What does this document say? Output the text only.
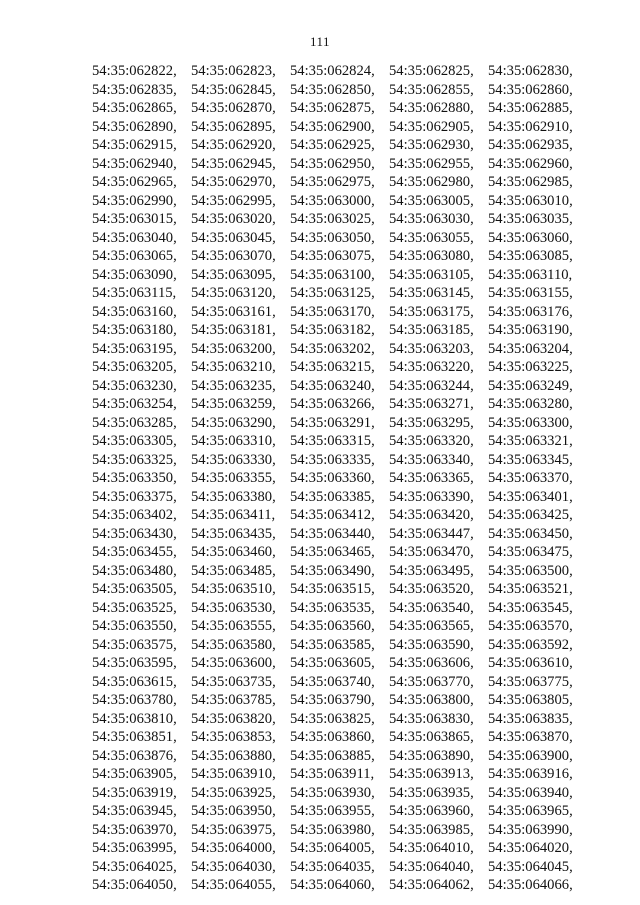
111
54:35:062822, 54:35:062823, 54:35:062824, 54:35:062825, 54:35:062830,
54:35:062835, 54:35:062845, 54:35:062850, 54:35:062855, 54:35:062860,
54:35:062865, 54:35:062870, 54:35:062875, 54:35:062880, 54:35:062885,
54:35:062890, 54:35:062895, 54:35:062900, 54:35:062905, 54:35:062910,
54:35:062915, 54:35:062920, 54:35:062925, 54:35:062930, 54:35:062935,
54:35:062940, 54:35:062945, 54:35:062950, 54:35:062955, 54:35:062960,
54:35:062965, 54:35:062970, 54:35:062975, 54:35:062980, 54:35:062985,
54:35:062990, 54:35:062995, 54:35:063000, 54:35:063005, 54:35:063010,
54:35:063015, 54:35:063020, 54:35:063025, 54:35:063030, 54:35:063035,
54:35:063040, 54:35:063045, 54:35:063050, 54:35:063055, 54:35:063060,
54:35:063065, 54:35:063070, 54:35:063075, 54:35:063080, 54:35:063085,
54:35:063090, 54:35:063095, 54:35:063100, 54:35:063105, 54:35:063110,
54:35:063115,	54:35:063120, 54:35:063125, 54:35:063145, 54:35:063155,
54:35:063160, 54:35:063161, 54:35:063170, 54:35:063175, 54:35:063176,
54:35:063180, 54:35:063181, 54:35:063182, 54:35:063185, 54:35:063190,
54:35:063195, 54:35:063200, 54:35:063202, 54:35:063203, 54:35:063204,
54:35:063205, 54:35:063210, 54:35:063215, 54:35:063220, 54:35:063225,
54:35:063230, 54:35:063235, 54:35:063240, 54:35:063244, 54:35:063249,
54:35:063254, 54:35:063259, 54:35:063266, 54:35:063271, 54:35:063280,
54:35:063285, 54:35:063290, 54:35:063291, 54:35:063295, 54:35:063300,
54:35:063305, 54:35:063310, 54:35:063315, 54:35:063320, 54:35:063321,
54:35:063325, 54:35:063330, 54:35:063335, 54:35:063340, 54:35:063345,
54:35:063350, 54:35:063355, 54:35:063360, 54:35:063365, 54:35:063370,
54:35:063375, 54:35:063380, 54:35:063385, 54:35:063390, 54:35:063401,
54:35:063402, 54:35:063411,	54:35:063412, 54:35:063420, 54:35:063425,
54:35:063430, 54:35:063435, 54:35:063440, 54:35:063447, 54:35:063450,
54:35:063455, 54:35:063460, 54:35:063465, 54:35:063470, 54:35:063475,
54:35:063480, 54:35:063485, 54:35:063490, 54:35:063495, 54:35:063500,
54:35:063505, 54:35:063510, 54:35:063515, 54:35:063520, 54:35:063521,
54:35:063525, 54:35:063530, 54:35:063535, 54:35:063540, 54:35:063545,
54:35:063550, 54:35:063555, 54:35:063560, 54:35:063565, 54:35:063570,
54:35:063575, 54:35:063580, 54:35:063585, 54:35:063590, 54:35:063592,
54:35:063595, 54:35:063600, 54:35:063605, 54:35:063606, 54:35:063610,
54:35:063615, 54:35:063735, 54:35:063740, 54:35:063770, 54:35:063775,
54:35:063780, 54:35:063785, 54:35:063790, 54:35:063800, 54:35:063805,
54:35:063810, 54:35:063820, 54:35:063825, 54:35:063830, 54:35:063835,
54:35:063851, 54:35:063853, 54:35:063860, 54:35:063865, 54:35:063870,
54:35:063876, 54:35:063880, 54:35:063885, 54:35:063890, 54:35:063900,
54:35:063905, 54:35:063910, 54:35:063911,	54:35:063913, 54:35:063916,
54:35:063919, 54:35:063925, 54:35:063930, 54:35:063935, 54:35:063940,
54:35:063945, 54:35:063950, 54:35:063955, 54:35:063960, 54:35:063965,
54:35:063970, 54:35:063975, 54:35:063980, 54:35:063985, 54:35:063990,
54:35:063995, 54:35:064000, 54:35:064005, 54:35:064010, 54:35:064020,
54:35:064025, 54:35:064030, 54:35:064035, 54:35:064040, 54:35:064045,
54:35:064050, 54:35:064055, 54:35:064060, 54:35:064062, 54:35:064066,
